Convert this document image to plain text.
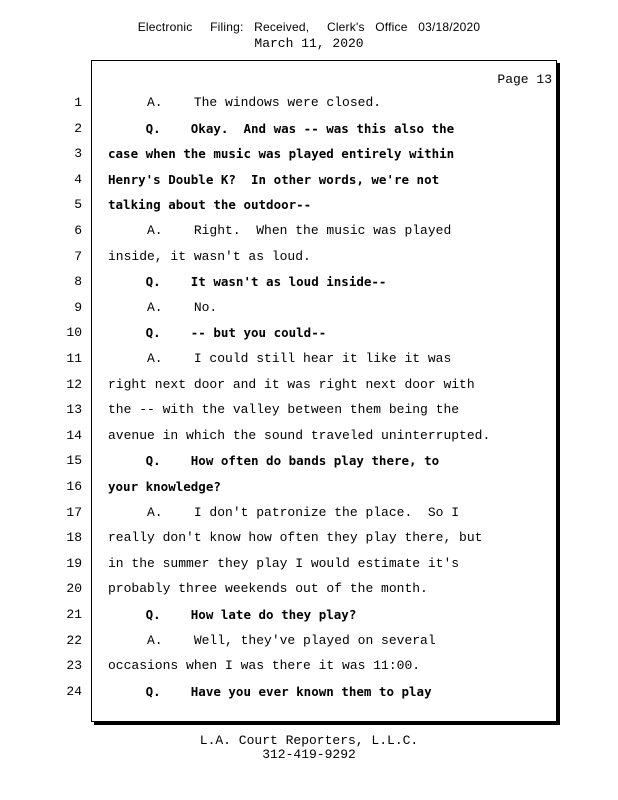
Electronic Filing: Received, Clerk's Office 03/18/2020
March 11, 2020
Page 13
1 A.    The windows were closed.
2 Q.    Okay.  And was -- was this also the
3 case when the music was played entirely within
4 Henry's Double K?  In other words, we're not
5 talking about the outdoor--
6 A.    Right.  When the music was played
7 inside, it wasn't as loud.
8 Q.    It wasn't as loud inside--
9 A.    No.
10 Q.    -- but you could--
11 A.    I could still hear it like it was
12 right next door and it was right next door with
13 the -- with the valley between them being the
14 avenue in which the sound traveled uninterrupted.
15 Q.    How often do bands play there, to
16 your knowledge?
17 A.    I don't patronize the place.  So I
18 really don't know how often they play there, but
19 in the summer they play I would estimate it's
20 probably three weekends out of the month.
21 Q.    How late do they play?
22 A.    Well, they've played on several
23 occasions when I was there it was 11:00.
24 Q.    Have you ever known them to play
L.A. Court Reporters, L.L.C.
312-419-9292
